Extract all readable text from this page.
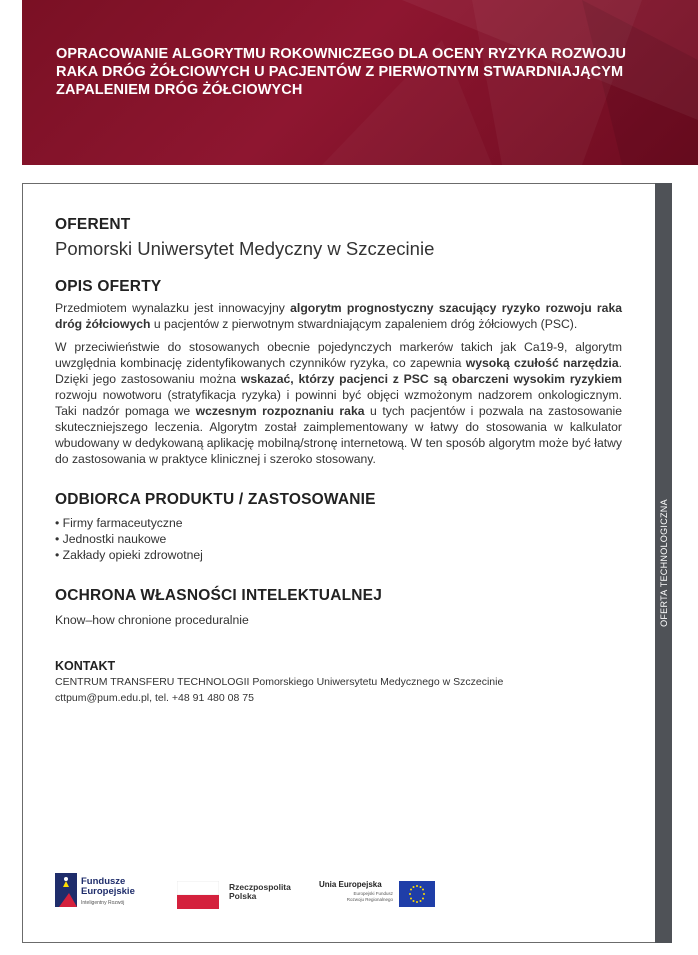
OPRACOWANIE ALGORYTMU ROKOWNICZEGO DLA OCENY RYZYKA ROZWOJU RAKA DRÓG ŻÓŁCIOWYCH U PACJENTÓW Z PIERWOTNYM STWARDNIAJĄCYM ZAPALENIEM DRÓG ŻÓŁCIOWYCH
OFERTA TECHNOLOGICZNA
OFERENT

Pomorski Uniwersytet Medyczny w Szczecinie

OPIS OFERTY

Przedmiotem wynalazku jest innowacyjny algorytm prognostyczny szacujący ryzyko rozwoju raka dróg żółciowych u pacjentów z pierwotnym stwardniającym zapaleniem dróg żółciowych (PSC).

W przeciwieństwie do stosowanych obecnie pojedynczych markerów takich jak Ca19-9, algorytm uwzględnia kombinację zidentyfikowanych czynników ryzyka, co zapewnia wysoką czułość narzędzia. Dzięki jego zastosowaniu można wskazać, którzy pacjenci z PSC są obarczeni wysokim ryzykiem rozwoju nowotworu (stratyfikacja ryzyka) i powinni być objęci wzmożonym nadzorem onkologicznym. Taki nadzór pomaga we wczesnym rozpoznaniu raka u tych pacjentów i pozwala na zastosowanie skuteczniejszego leczenia. Algorytm został zaimplementowany w łatwy do stosowania w kalkulator wbudowany w dedykowaną aplikację mobilną/stronę internetową. W ten sposób algorytm może być łatwy do zastosowania w praktyce klinicznej i szeroko stosowany.

ODBIORCA PRODUKTU / ZASTOSOWANIE
• Firmy farmaceutyczne
• Jednostki naukowe
• Zakłady opieki zdrowotnej
OCHRONA WŁASNOŚCI INTELEKTUALNEJ

Know–how chronione proceduralnie

KONTAKT

CENTRUM TRANSFERU TECHNOLOGII Pomorskiego Uniwersytetu Medycznego w Szczecinie

cttpum@pum.edu.pl, tel. +48 91 480 08 75

Fundusze
Europejskie
Inteligentny Rozwój
Rzeczpospolita
Polska
Unia Europejska
Europejski Fundusz
Rozwoju Regionalnego
